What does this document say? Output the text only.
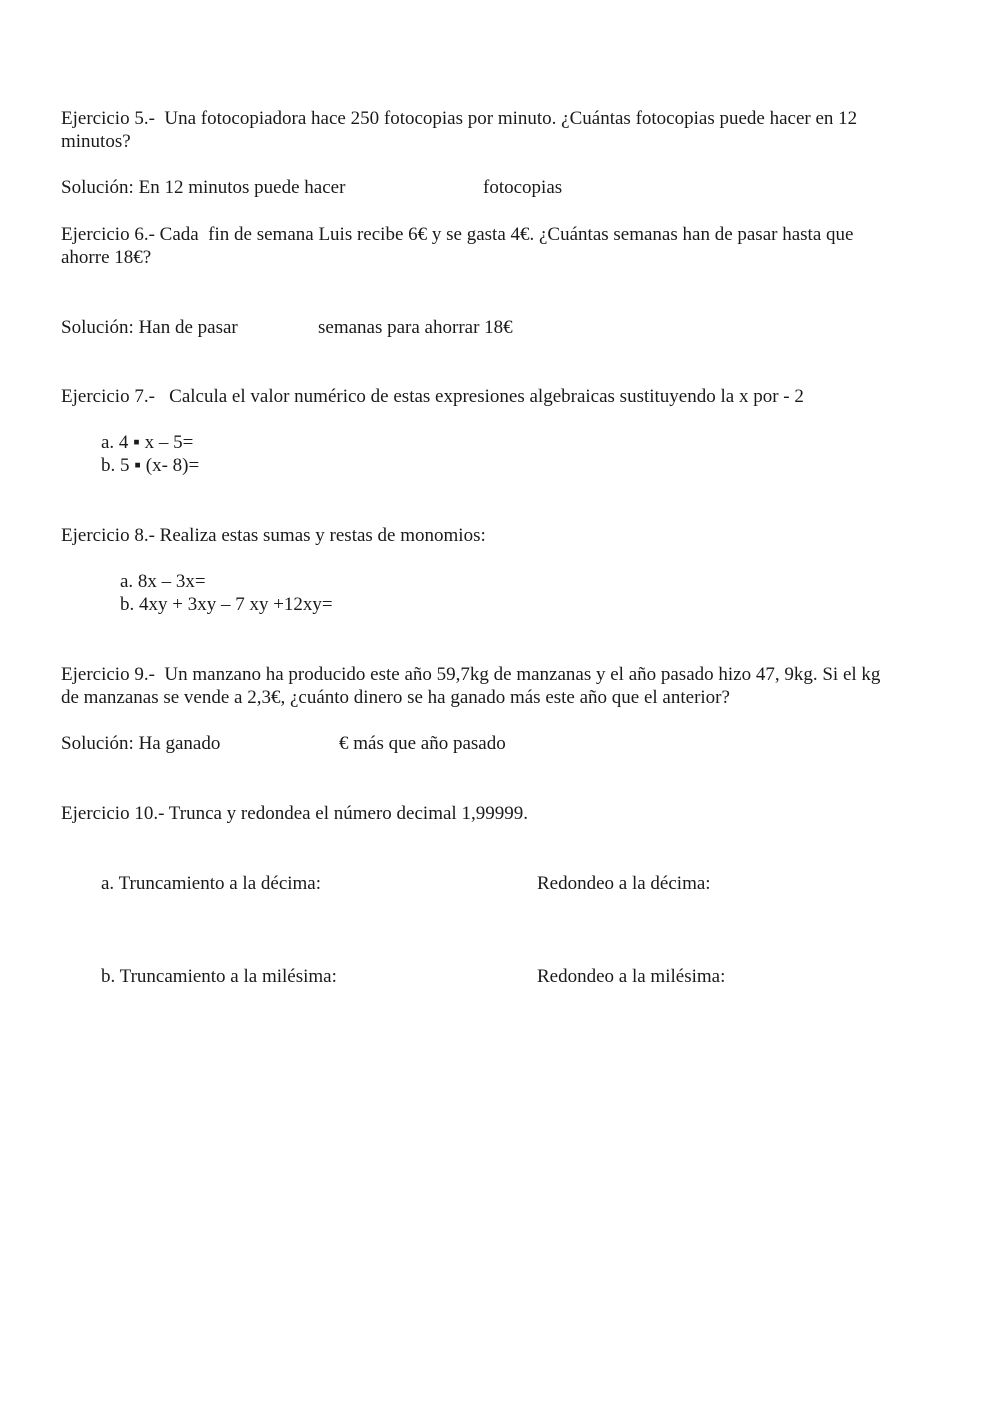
Ejercicio 5.-  Una fotocopiadora hace 250 fotocopias por minuto. ¿Cuántas fotocopias puede hacer en 12
minutos?
Solución: En 12 minutos puede hacer	fotocopias
Ejercicio 6.- Cada  fin de semana Luis recibe 6€ y se gasta 4€. ¿Cuántas semanas han de pasar hasta que
ahorre 18€?
Solución: Han de pasar	semanas para ahorrar 18€
Ejercicio 7.-   Calcula el valor numérico de estas expresiones algebraicas sustituyendo la x por - 2
a. 4 ▪ x – 5=
b. 5 ▪ (x- 8)=
Ejercicio 8.- Realiza estas sumas y restas de monomios:
a. 8x – 3x=
b. 4xy + 3xy – 7 xy +12xy=
Ejercicio 9.-  Un manzano ha producido este año 59,7kg de manzanas y el año pasado hizo 47, 9kg. Si el kg
de manzanas se vende a 2,3€, ¿cuánto dinero se ha ganado más este año que el anterior?
Solución: Ha ganado	€ más que año pasado
Ejercicio 10.- Trunca y redondea el número decimal 1,99999.
a. Truncamiento a la décima:	Redondeo a la décima:
b. Truncamiento a la milésima:	Redondeo a la milésima:
